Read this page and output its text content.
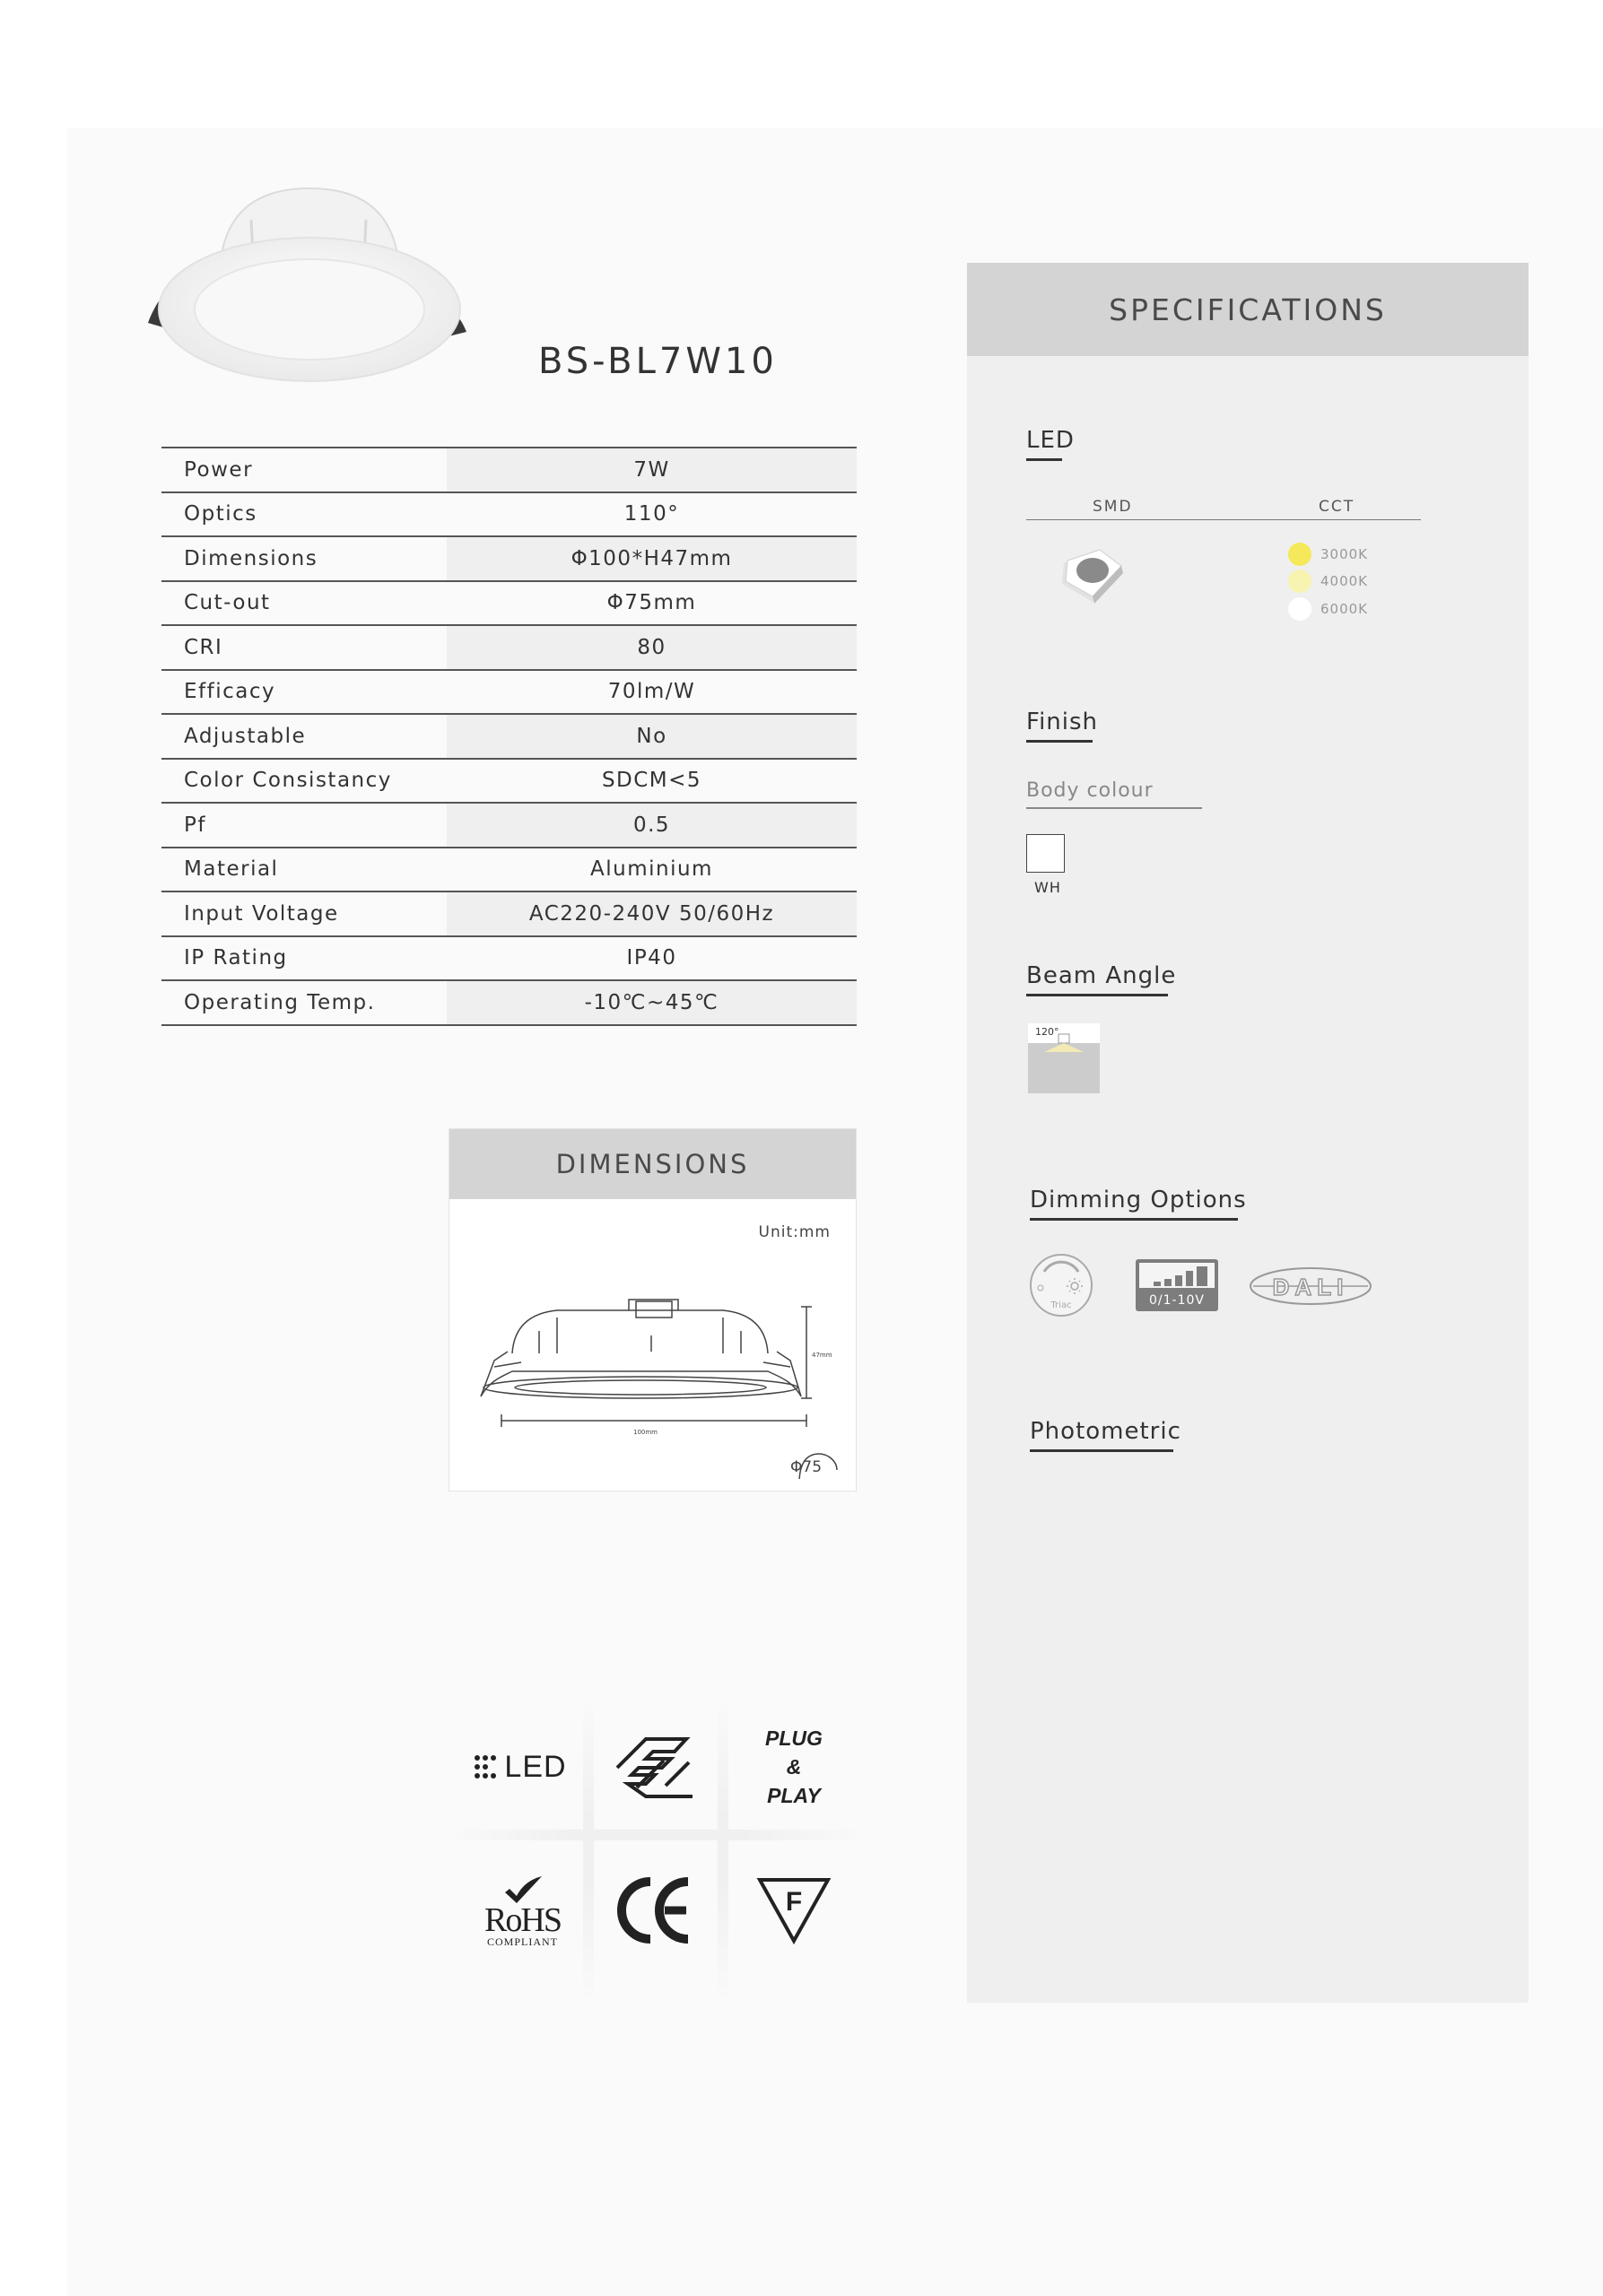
BS-BL7W10
Power	7W
Optics	110°
Dimensions	Φ100*H47mm
Cut-out	Φ75mm
CRI	80
Efficacy	70lm/W
Adjustable	No
Color Consistancy	SDCM<5
Pf	0.5
Material	Aluminium
Input Voltage	AC220-240V 50/60Hz
IP Rating	IP40
Operating Temp.	-10℃~45℃
DIMENSIONS
Unit:mm
47mm
100mm
Φ75
LED
PLUG
&
PLAY
RoHS
COMPLIANT
F
SPECIFICATIONS
LED
SMD	CCT
3000K
4000K
6000K
Finish
Body colour
WH
Beam Angle
120°
Dimming Options
Triac	0/1-10V	DALI
Photometric
